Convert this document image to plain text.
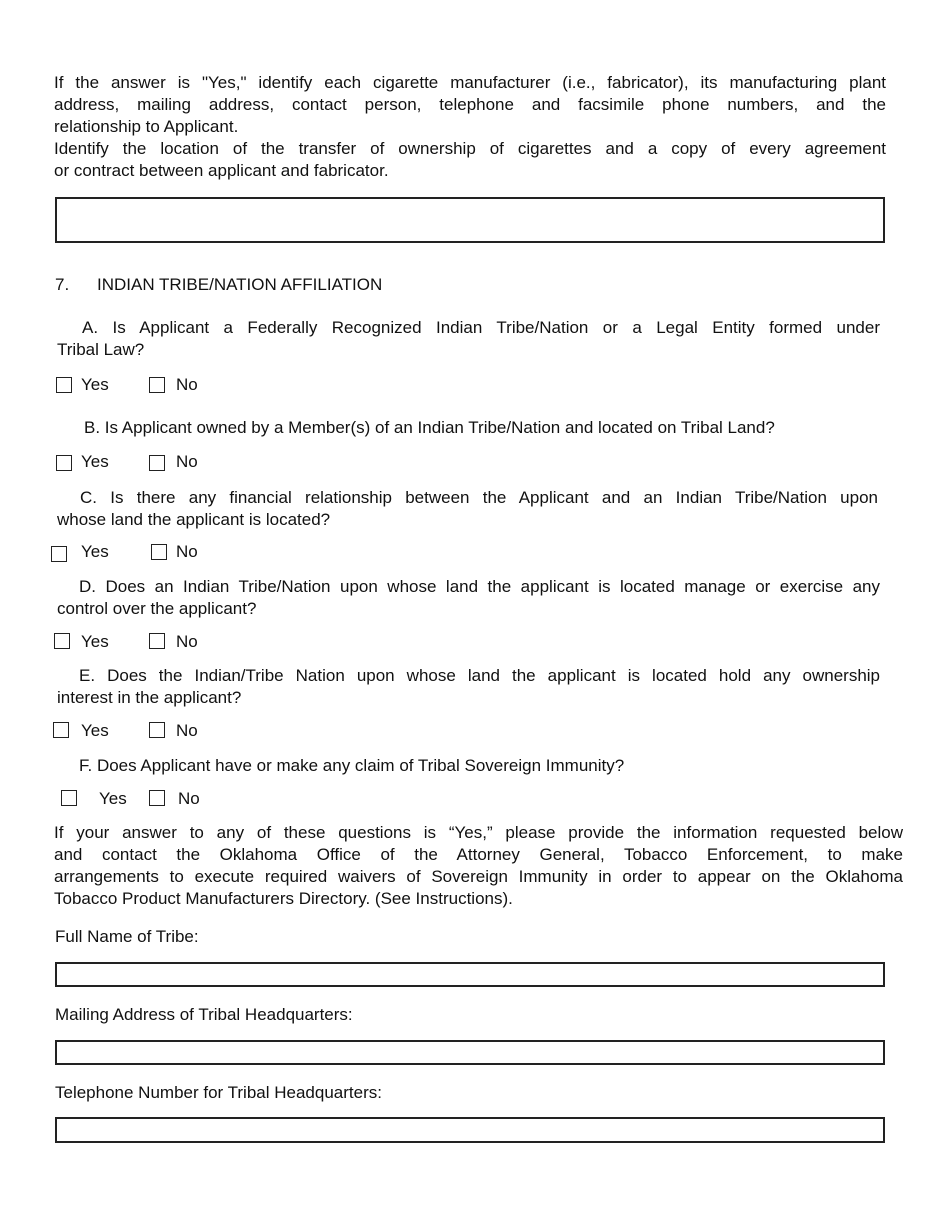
If the answer is "Yes," identify each cigarette manufacturer (i.e., fabricator), its manufacturing plant
address, mailing address, contact person, telephone and facsimile phone numbers, and the
relationship to Applicant.
Identify the location of the transfer of ownership of cigarettes and a copy of every agreement
or contract between applicant and fabricator.
7. INDIAN TRIBE/NATION AFFILIATION
A. Is Applicant a Federally Recognized Indian Tribe/Nation or a Legal Entity formed under
Tribal Law?
Yes	No
B. Is Applicant owned by a Member(s) of an Indian Tribe/Nation and located on Tribal Land?
Yes	No
C. Is there any financial relationship between the Applicant and an Indian Tribe/Nation upon
whose land the applicant is located?
Yes	No
D. Does an Indian Tribe/Nation upon whose land the applicant is located manage or exercise any
control over the applicant?
Yes	No
E. Does the Indian/Tribe Nation upon whose land the applicant is located hold any ownership
interest in the applicant?
Yes	No
F. Does Applicant have or make any claim of Tribal Sovereign Immunity?
Yes	No
If your answer to any of these questions is “Yes,” please provide the information requested below
and contact the Oklahoma Office of the Attorney General, Tobacco Enforcement, to make
arrangements to execute required waivers of Sovereign Immunity in order to appear on the Oklahoma
Tobacco Product Manufacturers Directory. (See Instructions).
Full Name of Tribe:
Mailing Address of Tribal Headquarters:
Telephone Number for Tribal Headquarters:
